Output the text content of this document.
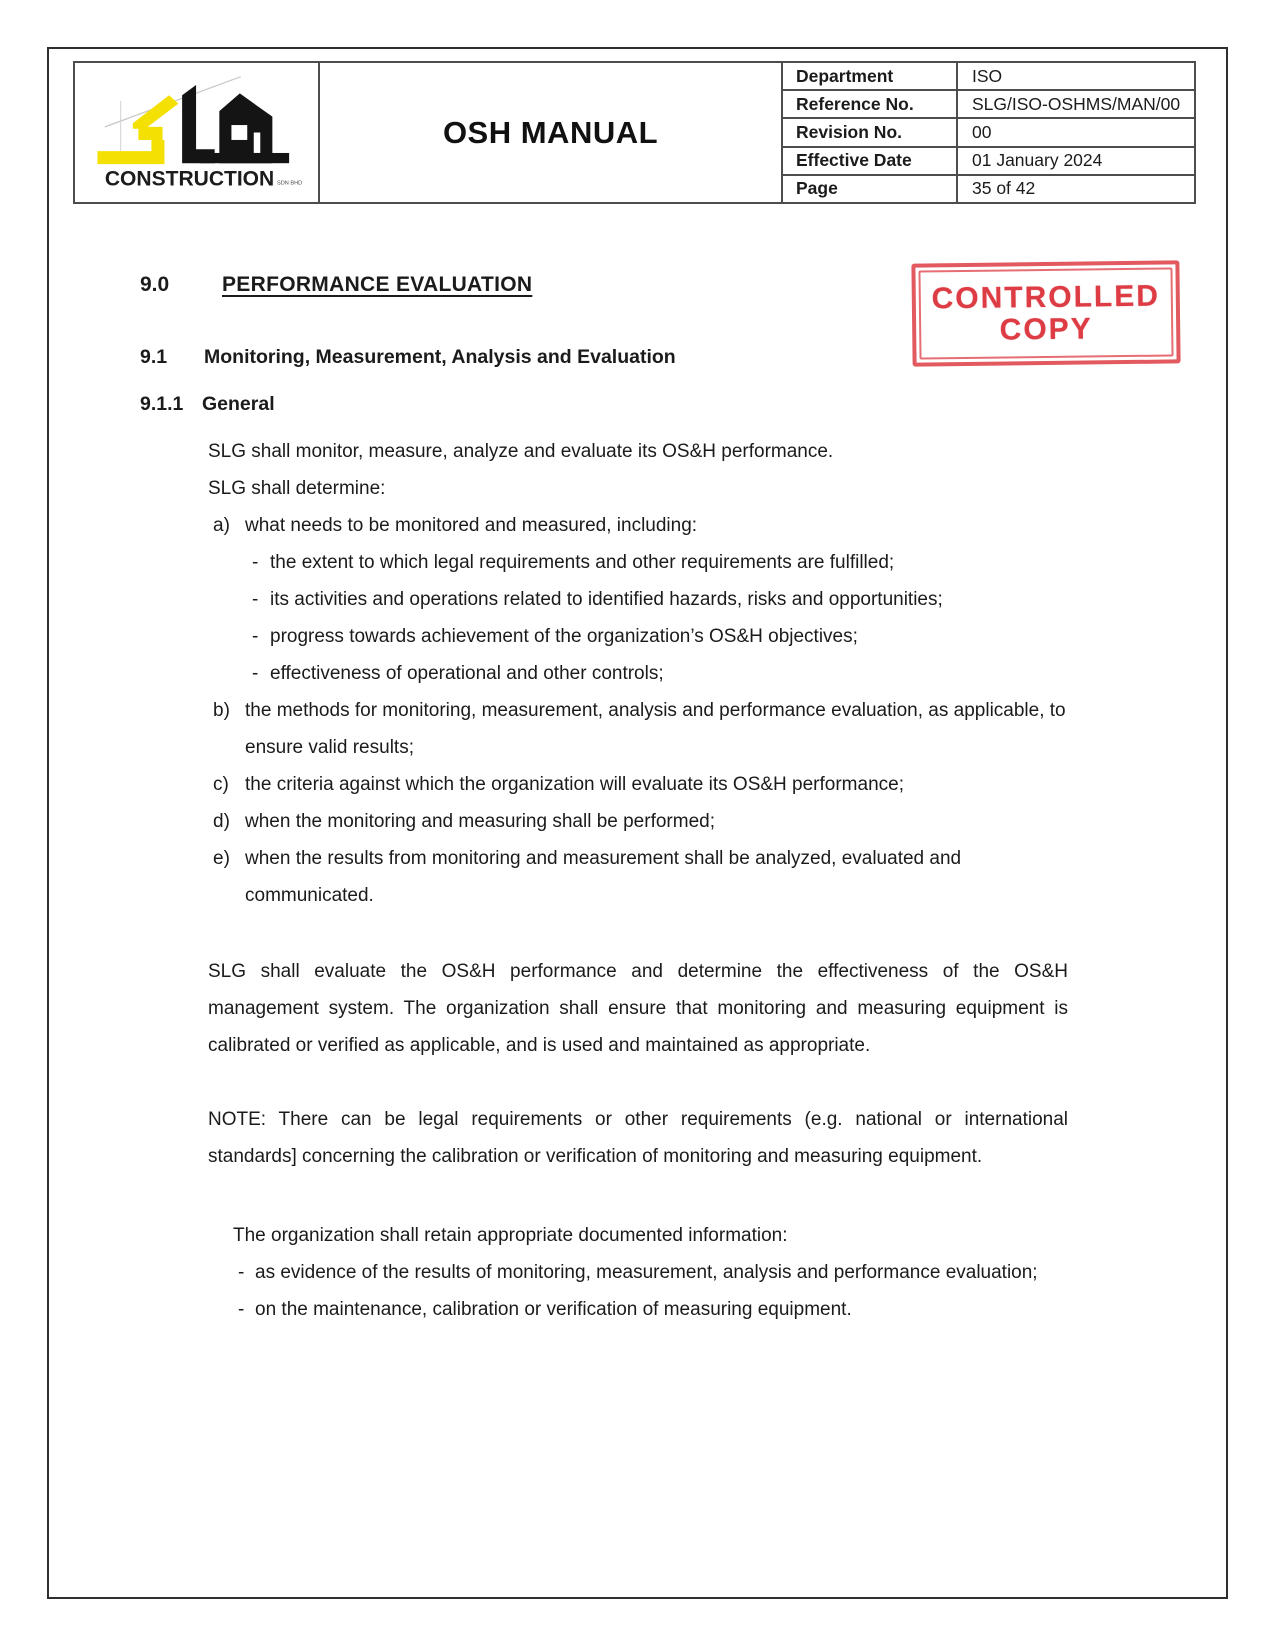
CONSTRUCTION SDN BHD
OSH MANUAL
Department	ISO
Reference No.	SLG/ISO-OSHMS/MAN/00
Revision No.	00
Effective Date	01 January 2024
Page	35 of 42
CONTROLLED
COPY
9.0	PERFORMANCE EVALUATION
9.1	Monitoring, Measurement, Analysis and Evaluation
9.1.1 General
SLG shall monitor, measure, analyze and evaluate its OS&H performance.
SLG shall determine:
a) what needs to be monitored and measured, including:
- the extent to which legal requirements and other requirements are fulfilled;
- its activities and operations related to identified hazards, risks and opportunities;
- progress towards achievement of the organization’s OS&H objectives;
- effectiveness of operational and other controls;
b) the methods for monitoring, measurement, analysis and performance evaluation, as applicable, to ensure valid results;
c) the criteria against which the organization will evaluate its OS&H performance;
d) when the monitoring and measuring shall be performed;
e) when the results from monitoring and measurement shall be analyzed, evaluated and communicated.
SLG shall evaluate the OS&H performance and determine the effectiveness of the OS&H management system. The organization shall ensure that monitoring and measuring equipment is calibrated or verified as applicable, and is used and maintained as appropriate.
NOTE: There can be legal requirements or other requirements (e.g. national or international standards] concerning the calibration or verification of monitoring and measuring equipment.
The organization shall retain appropriate documented information:
- as evidence of the results of monitoring, measurement, analysis and performance evaluation;
- on the maintenance, calibration or verification of measuring equipment.
